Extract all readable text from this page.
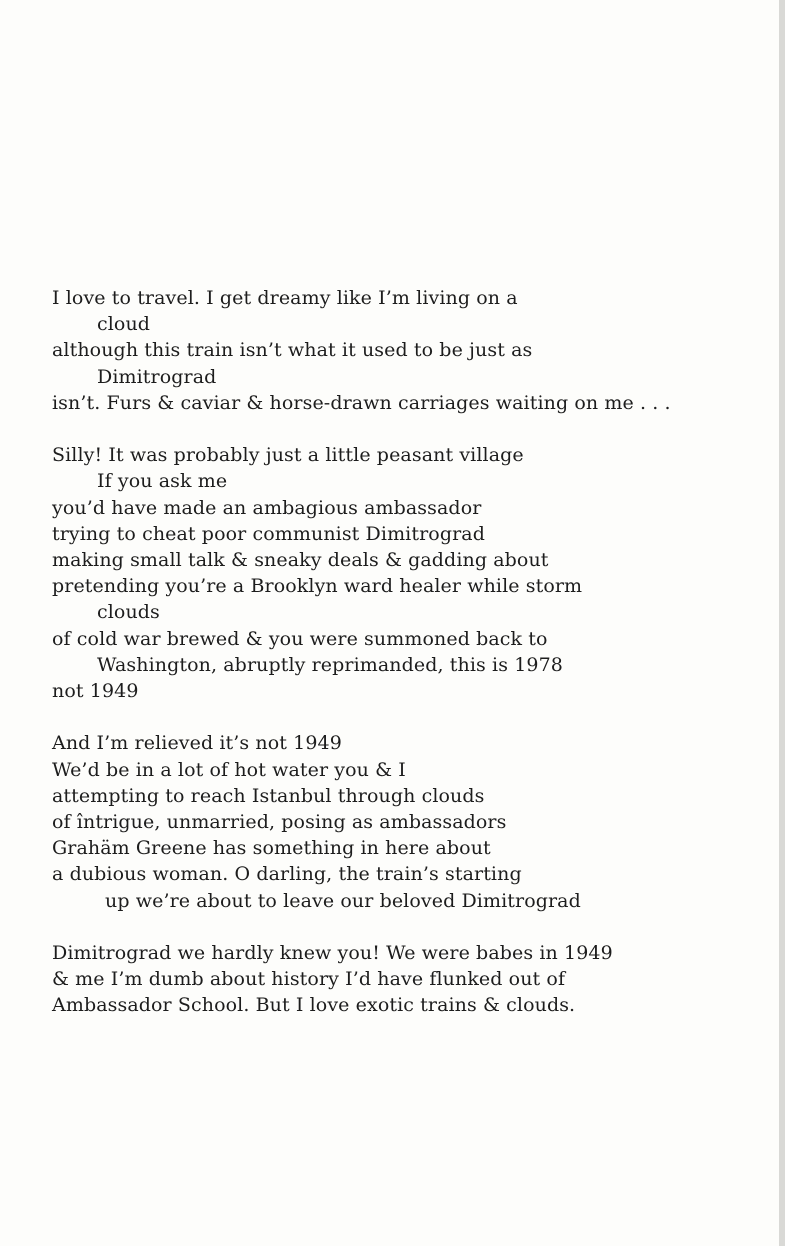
I love to travel. I get dreamy like I’m living on a
cloud
although this train isn’t what it used to be just as
Dimitrograd
isn’t. Furs & caviar & horse-drawn carriages waiting on me . . .
Silly! It was probably just a little peasant village
If you ask me
you’d have made an ambagious ambassador
trying to cheat poor communist Dimitrograd
making small talk & sneaky deals & gadding about
pretending you’re a Brooklyn ward healer while storm
clouds
of cold war brewed & you were summoned back to
Washington, abruptly reprimanded, this is 1978
not 1949
And I’m relieved it’s not 1949
We’d be in a lot of hot water you & I
attempting to reach Istanbul through clouds
of întrigue, unmarried, posing as ambassadors
Grahäm Greene has something in here about
a dubious woman. O darling, the train’s starting
up we’re about to leave our beloved Dimitrograd
Dimitrograd we hardly knew you! We were babes in 1949
& me I’m dumb about history I’d have flunked out of
Ambassador School. But I love exotic trains & clouds.
